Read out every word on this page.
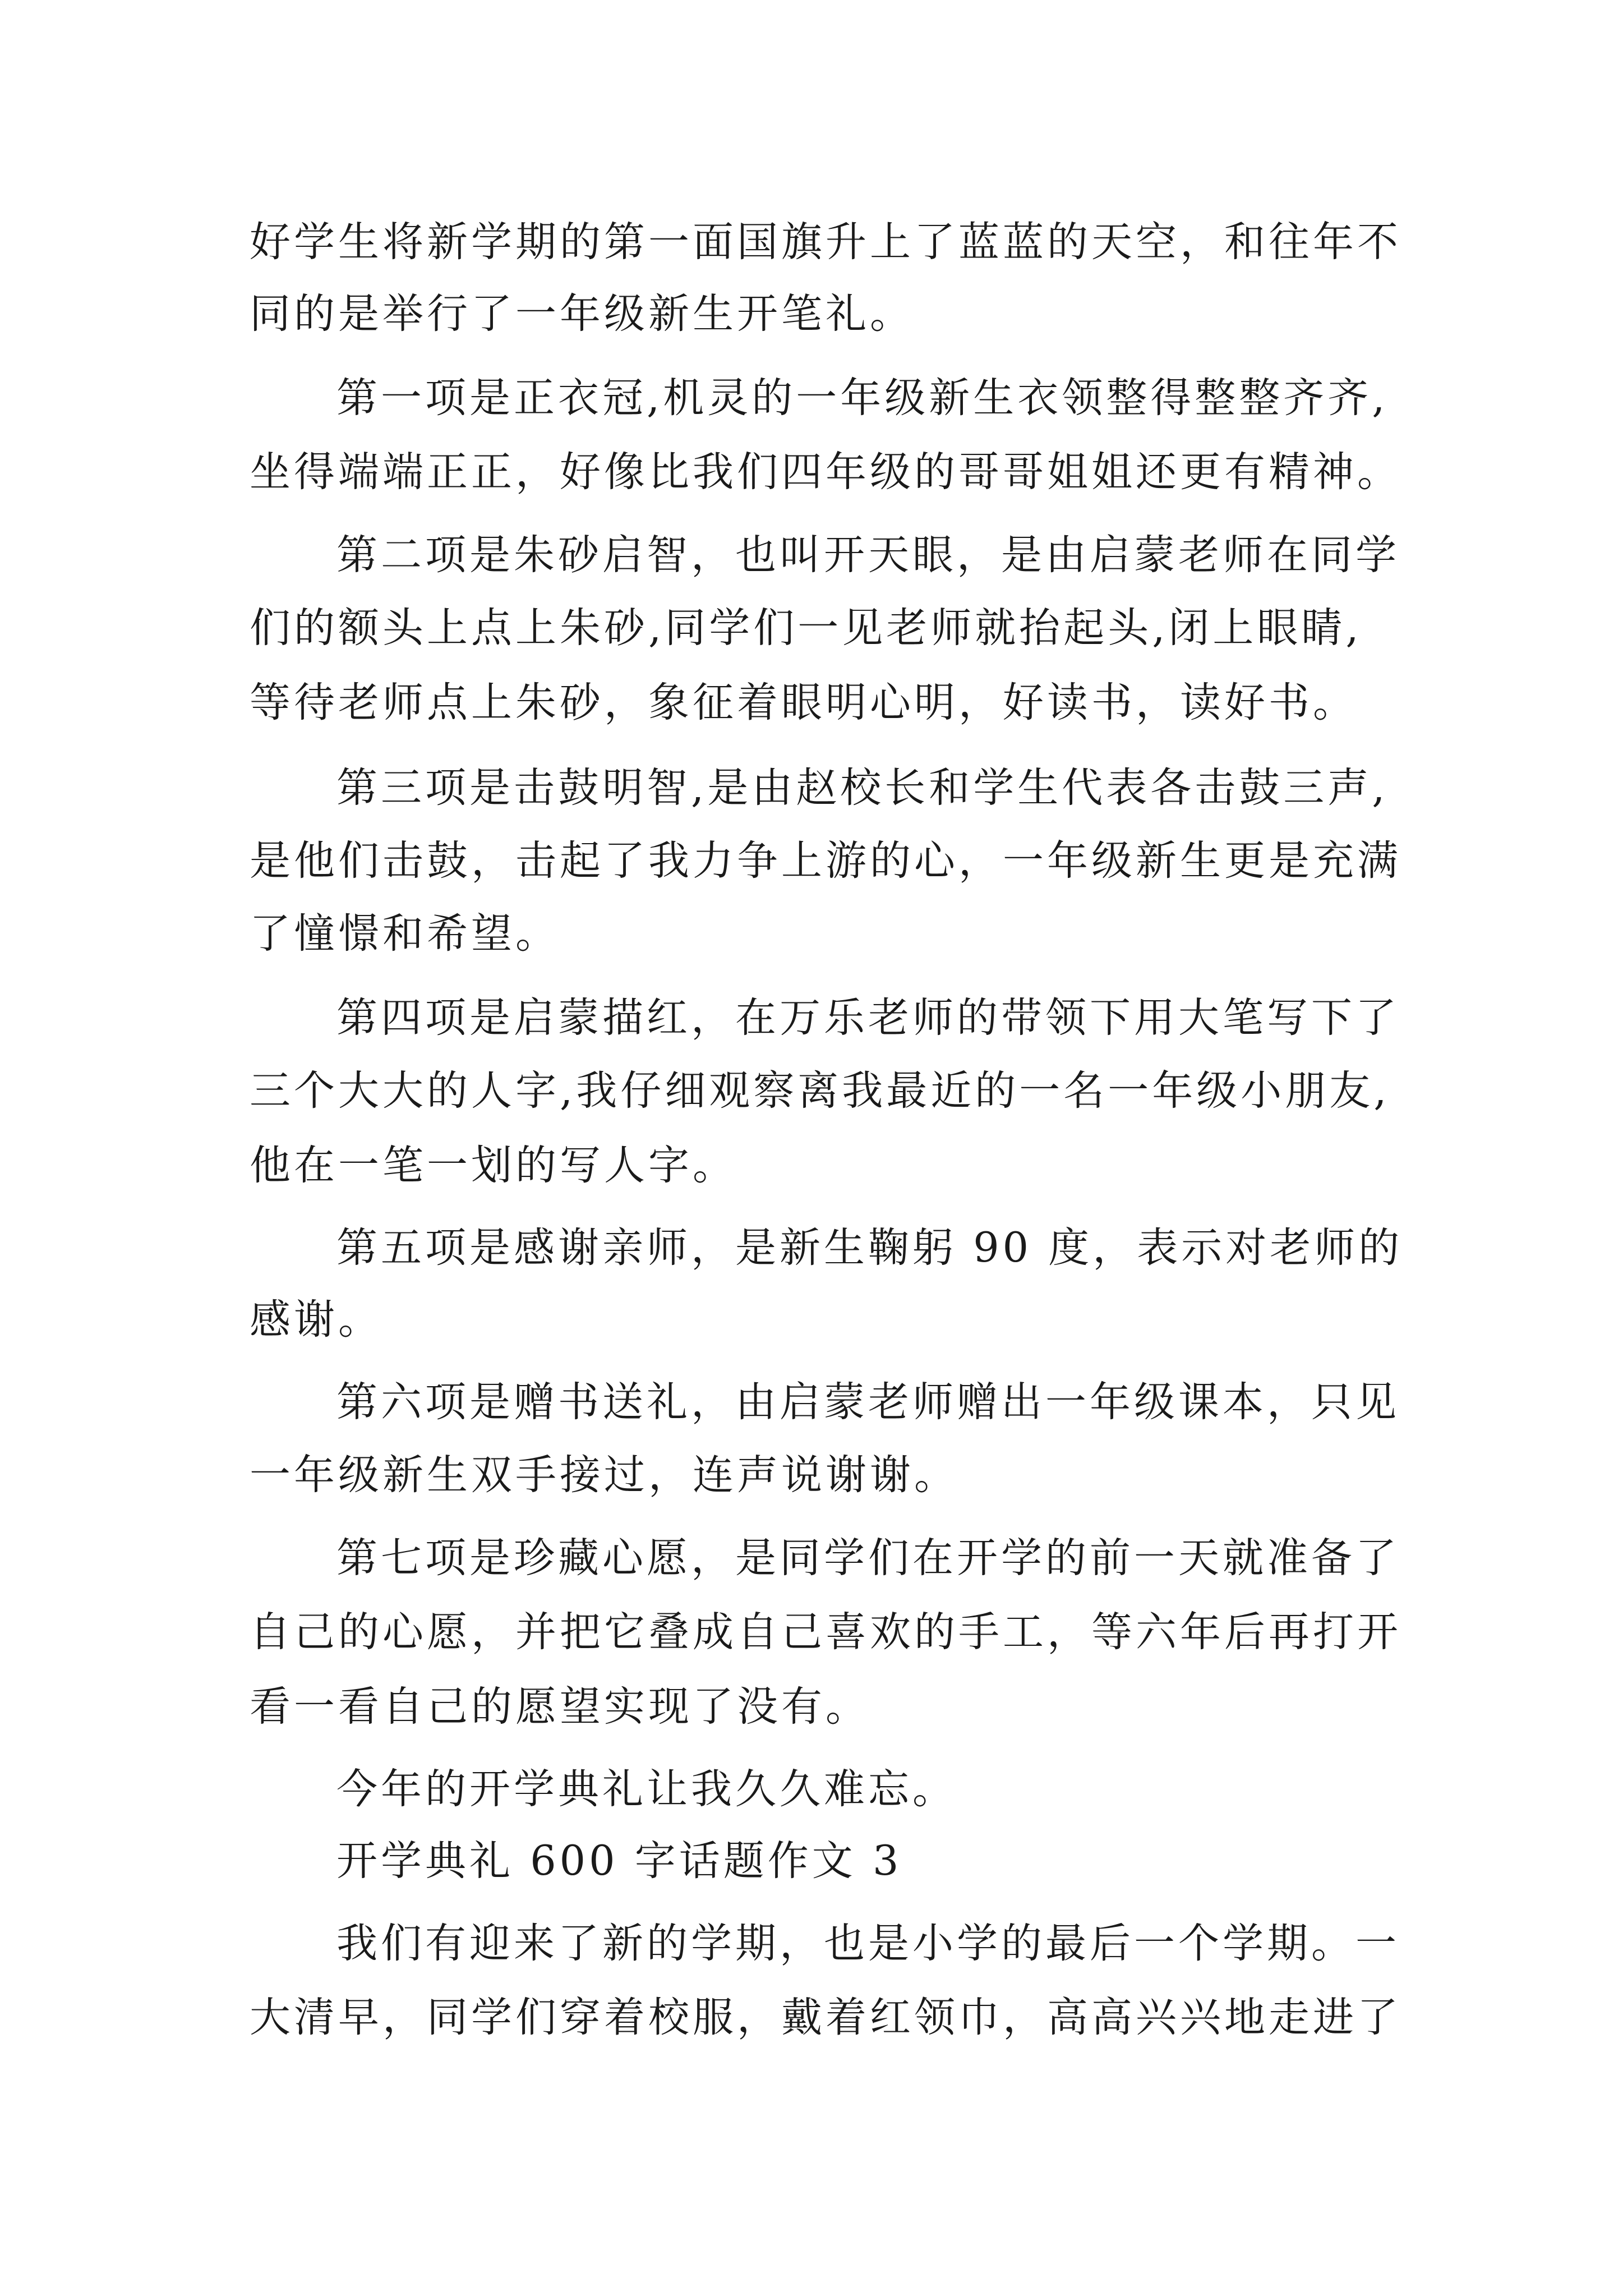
好学生将新学期的第一面国旗升上了蓝蓝的天空，和往年不
同的是举行了一年级新生开笔礼。
第一项是正衣冠,机灵的一年级新生衣领整得整整齐齐,
坐得端端正正，好像比我们四年级的哥哥姐姐还更有精神。
第二项是朱砂启智，也叫开天眼，是由启蒙老师在同学
们的额头上点上朱砂,同学们一见老师就抬起头,闭上眼睛,
等待老师点上朱砂，象征着眼明心明，好读书，读好书。
第三项是击鼓明智,是由赵校长和学生代表各击鼓三声,
是他们击鼓，击起了我力争上游的心，一年级新生更是充满
了憧憬和希望。
第四项是启蒙描红，在万乐老师的带领下用大笔写下了
三个大大的人字,我仔细观察离我最近的一名一年级小朋友,
他在一笔一划的写人字。
第五项是感谢亲师，是新生鞠躬 90 度，表示对老师的
感谢。
第六项是赠书送礼，由启蒙老师赠出一年级课本，只见
一年级新生双手接过，连声说谢谢。
第七项是珍藏心愿，是同学们在开学的前一天就准备了
自己的心愿，并把它叠成自己喜欢的手工，等六年后再打开
看一看自己的愿望实现了没有。
今年的开学典礼让我久久难忘。
开学典礼 600 字话题作文 3
我们有迎来了新的学期，也是小学的最后一个学期。一
大清早，同学们穿着校服，戴着红领巾，高高兴兴地走进了
